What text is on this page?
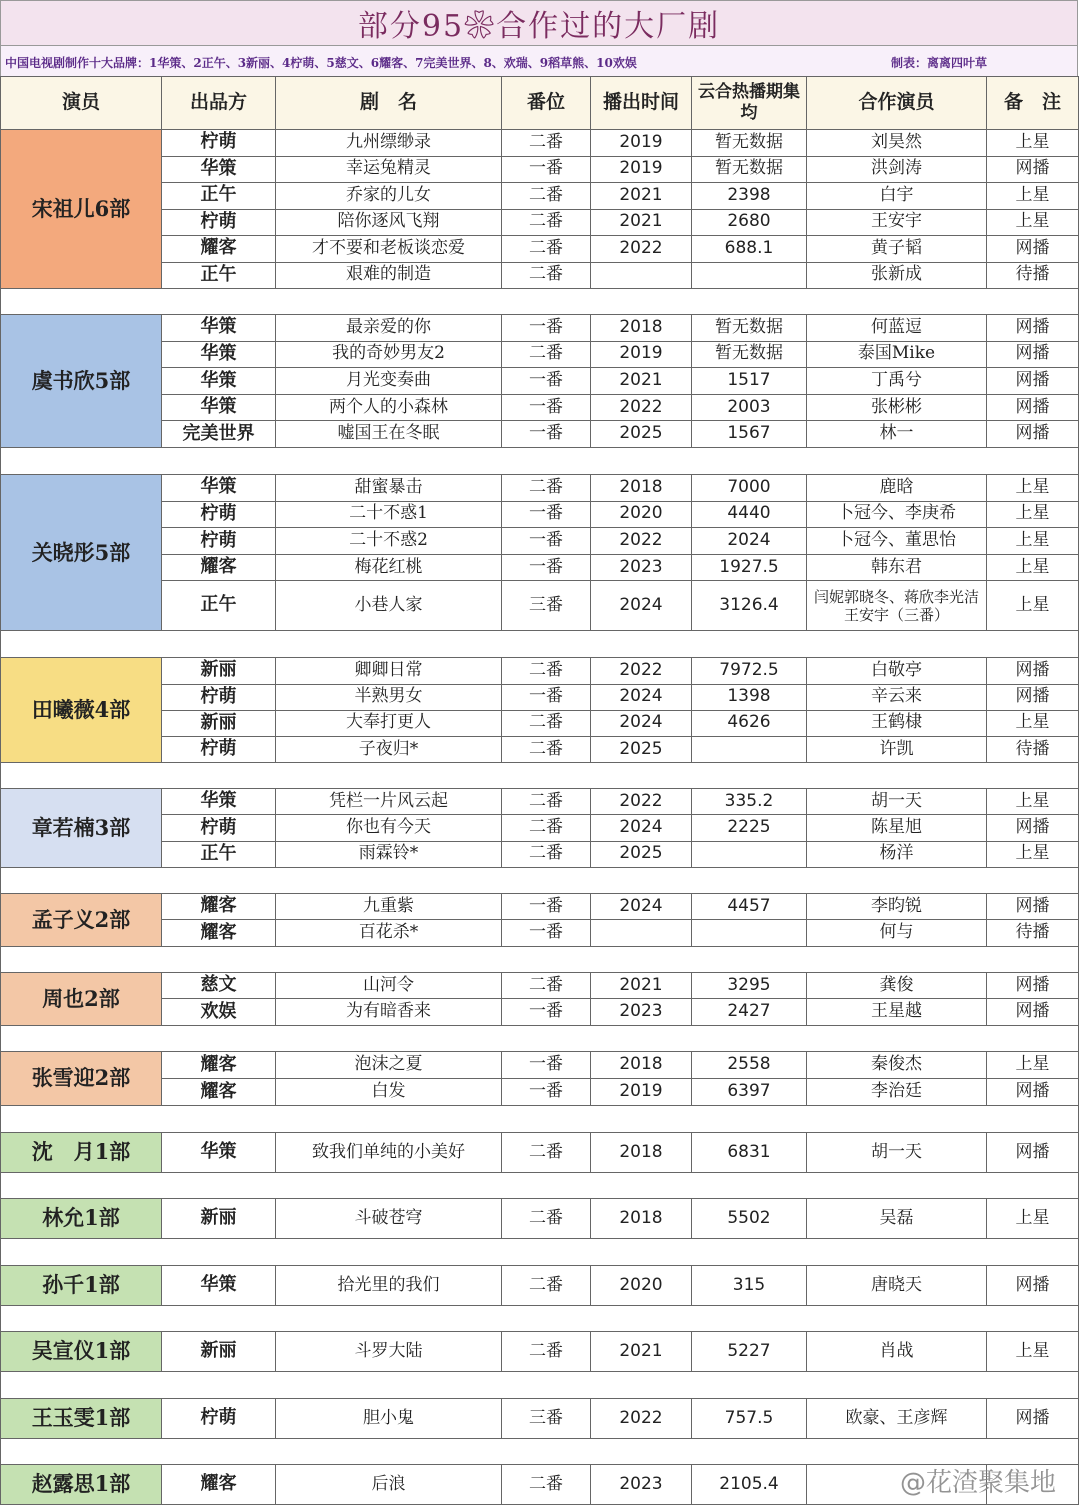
部分95❀合作过的大厂剧
中国电视剧制作十大品牌：1华策、2正午、3新丽、4柠萌、5慈文、6耀客、7完美世界、8、欢瑞、9稻草熊、10欢娱	制表：离离四叶草
演员	出品方	剧　名	番位	播出时间	云合热播期集均	合作演员	备　注
宋祖儿6部	柠萌	九州缥缈录	二番	2019	暂无数据	刘昊然	上星
	华策	幸运兔精灵	一番	2019	暂无数据	洪剑涛	网播
	正午	乔家的儿女	二番	2021	2398	白宇	上星
	柠萌	陪你逐风飞翔	二番	2021	2680	王安宇	上星
	耀客	才不要和老板谈恋爱	二番	2022	688.1	黄子韬	网播
	正午	艰难的制造	二番			张新成	待播

虞书欣5部	华策	最亲爱的你	一番	2018	暂无数据	何蓝逗	网播
	华策	我的奇妙男友2	二番	2019	暂无数据	泰国Mike	网播
	华策	月光变奏曲	一番	2021	1517	丁禹兮	网播
	华策	两个人的小森林	一番	2022	2003	张彬彬	网播
	完美世界	嘘国王在冬眠	一番	2025	1567	林一	网播

关晓彤5部	华策	甜蜜暴击	二番	2018	7000	鹿晗	上星
	柠萌	二十不惑1	一番	2020	4440	卜冠今、李庚希	上星
	柠萌	二十不惑2	一番	2022	2024	卜冠今、董思怡	上星
	耀客	梅花红桃	一番	2023	1927.5	韩东君	上星
	正午	小巷人家	三番	2024	3126.4	闫妮郭晓冬、蒋欣李光洁王安宇（三番）	上星

田曦薇4部	新丽	卿卿日常	二番	2022	7972.5	白敬亭	网播
	柠萌	半熟男女	一番	2024	1398	辛云来	网播
	新丽	大奉打更人	二番	2024	4626	王鹤棣	上星
	柠萌	子夜归*	二番	2025		许凯	待播

章若楠3部	华策	凭栏一片风云起	二番	2022	335.2	胡一天	上星
	柠萌	你也有今天	二番	2024	2225	陈星旭	网播
	正午	雨霖铃*	二番	2025		杨洋	上星

孟子义2部	耀客	九重紫	一番	2024	4457	李昀锐	网播
	耀客	百花杀*	一番			何与	待播

周也2部	慈文	山河令	二番	2021	3295	龚俊	网播
	欢娱	为有暗香来	一番	2023	2427	王星越	网播

张雪迎2部	耀客	泡沫之夏	一番	2018	2558	秦俊杰	上星
	耀客	白发	一番	2019	6397	李治廷	网播

沈　月1部	华策	致我们单纯的小美好	二番	2018	6831	胡一天	网播

林允1部	新丽	斗破苍穹	二番	2018	5502	吴磊	上星

孙千1部	华策	拾光里的我们	二番	2020	315	唐晓天	网播

吴宣仪1部	新丽	斗罗大陆	二番	2021	5227	肖战	上星

王玉雯1部	柠萌	胆小鬼	三番	2022	757.5	欧豪、王彦辉	网播

赵露思1部	耀客	后浪	二番	2023	2105.4			@花渣聚集地
